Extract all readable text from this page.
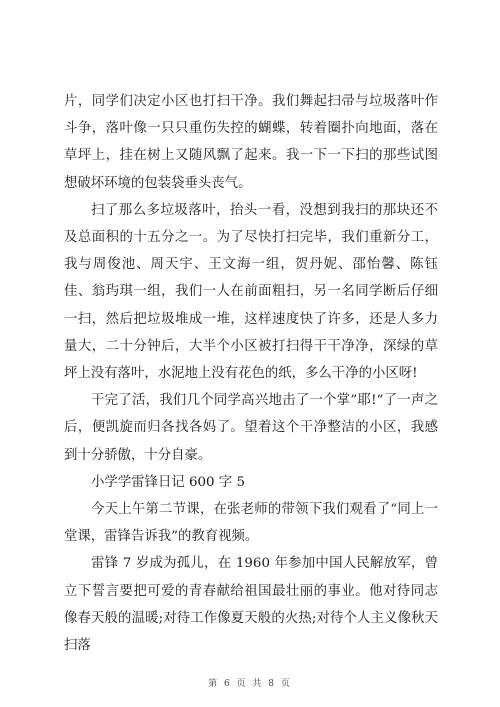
片，同学们决定小区也打扫干净。我们舞起扫帚与垃圾落叶作斗争，落叶像一只只重伤失控的蝴蝶，转着圈扑向地面，落在草坪上，挂在树上又随风飘了起来。我一下一下扫的那些试图想破坏环境的包装袋垂头丧气。

扫了那么多垃圾落叶，抬头一看，没想到我扫的那块还不及总面积的十五分之一。为了尽快打扫完毕，我们重新分工，我与周俊池、周天宇、王文海一组，贺丹妮、邵怡馨、陈钰佳、翁玙琪一组，我们一人在前面粗扫，另一名同学断后仔细一扫，然后把垃圾堆成一堆，这样速度快了许多，还是人多力量大，二十分钟后，大半个小区被打扫得干干净净，深绿的草坪上没有落叶，水泥地上没有花色的纸，多么干净的小区呀!

干完了活，我们几个同学高兴地击了一个掌”耶!“了一声之后，便凯旋而归各找各妈了。望着这个干净整洁的小区，我感到十分骄傲，十分自豪。

小学学雷锋日记 600 字 5

今天上午第二节课，在张老师的带领下我们观看了“同上一堂课，雷锋告诉我”的教育视频。

雷锋 7 岁成为孤儿，在 1960 年参加中国人民解放军，曾立下誓言要把可爱的青春献给祖国最壮丽的事业。他对待同志像春天般的温暖;对待工作像夏天般的火热;对待个人主义像秋天扫落

第 6 页 共 8 页
